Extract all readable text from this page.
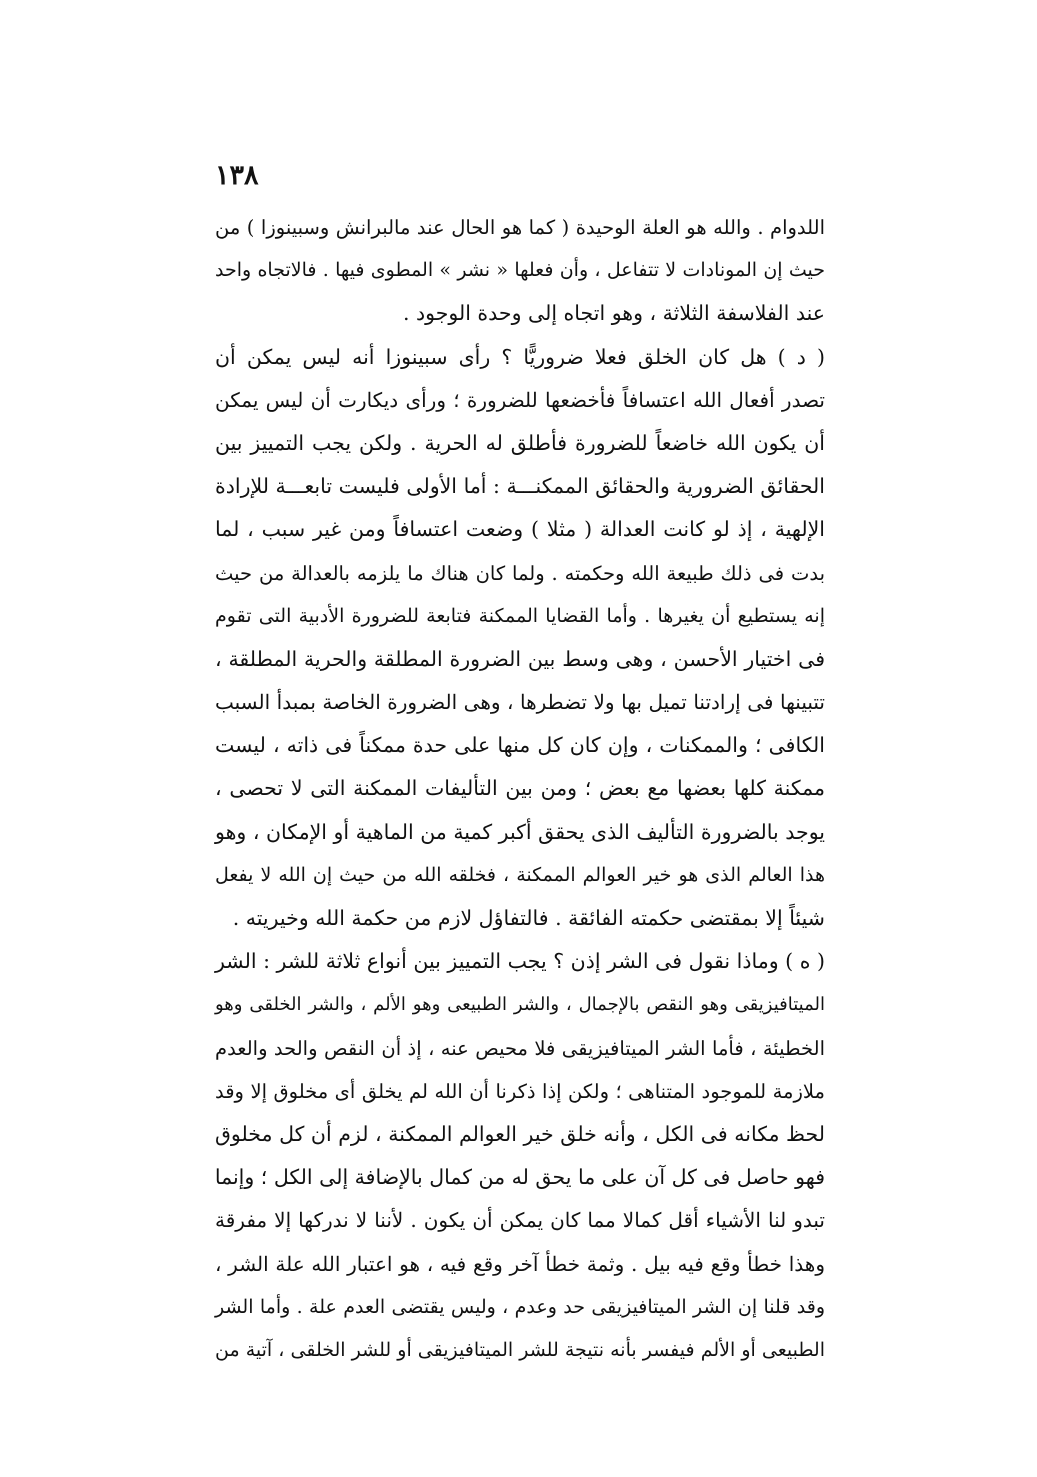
١٣٨
اللدوام . والله هو العلة الوحيدة ( كما هو الحال عند مالبرانش وسبينوزا ) من
حيث إن المونادات لا تتفاعل ، وأن فعلها « نشر » المطوى فيها . فالاتجاه واحد
عند الفلاسفة الثلاثة ، وهو اتجاه إلى وحدة الوجود .
( د ) هل كان الخلق فعلا ضروريًّا ؟ رأى سبينوزا أنه ليس يمكن أن
تصدر أفعال الله اعتسافاً فأخضعها للضرورة ؛ ورأى ديكارت أن ليس يمكن
أن يكون الله خاضعاً للضرورة فأطلق له الحرية . ولكن يجب التمييز بين
الحقائق الضرورية والحقائق الممكنـــة : أما الأولى فليست تابعـــة للإرادة
الإلهية ، إذ لو كانت العدالة ( مثلا ) وضعت اعتسافاً ومن غير سبب ، لما
بدت فى ذلك طبيعة الله وحكمته . ولما كان هناك ما يلزمه بالعدالة من حيث
إنه يستطيع أن يغيرها . وأما القضايا الممكنة فتابعة للضرورة الأدبية التى تقوم
فى اختيار الأحسن ، وهى وسط بين الضرورة المطلقة والحرية المطلقة ،
تتبينها فى إرادتنا تميل بها ولا تضطرها ، وهى الضرورة الخاصة بمبدأ السبب
الكافى ؛ والممكنات ، وإن كان كل منها على حدة ممكناً فى ذاته ، ليست
ممكنة كلها بعضها مع بعض ؛ ومن بين التأليفات الممكنة التى لا تحصى ،
يوجد بالضرورة التأليف الذى يحقق أكبر كمية من الماهية أو الإمكان ، وهو
هذا العالم الذى هو خير العوالم الممكنة ، فخلقه الله من حيث إن الله لا يفعل
شيئاً إلا بمقتضى حكمته الفائقة . فالتفاؤل لازم من حكمة الله وخيريته .
( ه ) وماذا نقول فى الشر إذن ؟ يجب التمييز بين أنواع ثلاثة للشر : الشر
الميتافيزيقى وهو النقص بالإجمال ، والشر الطبيعى وهو الألم ، والشر الخلقى وهو
الخطيئة ، فأما الشر الميتافيزيقى فلا محيص عنه ، إذ أن النقص والحد والعدم
ملازمة للموجود المتناهى ؛ ولكن إذا ذكرنا أن الله لم يخلق أى مخلوق إلا وقد
لحظ مكانه فى الكل ، وأنه خلق خير العوالم الممكنة ، لزم أن كل مخلوق
فهو حاصل فى كل آن على ما يحق له من كمال بالإضافة إلى الكل ؛ وإنما
تبدو لنا الأشياء أقل كمالا مما كان يمكن أن يكون . لأننا لا ندركها إلا مفرقة
وهذا خطأ وقع فيه بيل . وثمة خطأ آخر وقع فيه ، هو اعتبار الله علة الشر ،
وقد قلنا إن الشر الميتافيزيقى حد وعدم ، وليس يقتضى العدم علة . وأما الشر
الطبيعى أو الألم فيفسر بأنه نتيجة للشر الميتافيزيقى أو للشر الخلقى ، آتية من
